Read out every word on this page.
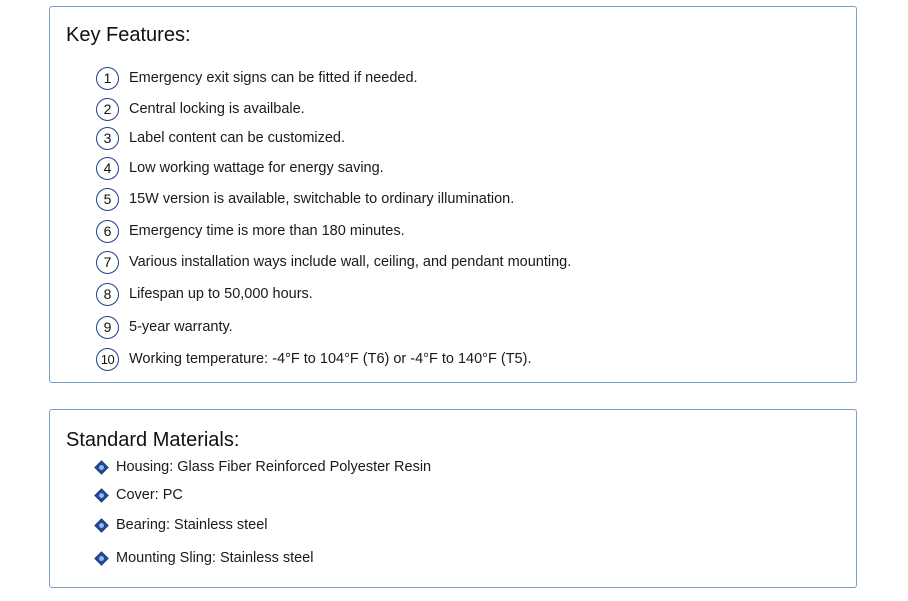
Key Features:
1	Emergency exit signs can be fitted if needed.
2	Central locking is availbale.
3	Label content can be customized.
4	Low working wattage for energy saving.
5	15W version is available, switchable to ordinary illumination.
6	Emergency time is more than 180 minutes.
7	Various installation ways include wall, ceiling, and pendant mounting.
8	Lifespan up to 50,000 hours.
9	5-year warranty.
10	Working temperature: -4°F to 104°F (T6) or -4°F to 140°F (T5).
Standard Materials:
Housing: Glass Fiber Reinforced Polyester Resin
Cover: PC
Bearing: Stainless steel
Mounting Sling: Stainless steel
